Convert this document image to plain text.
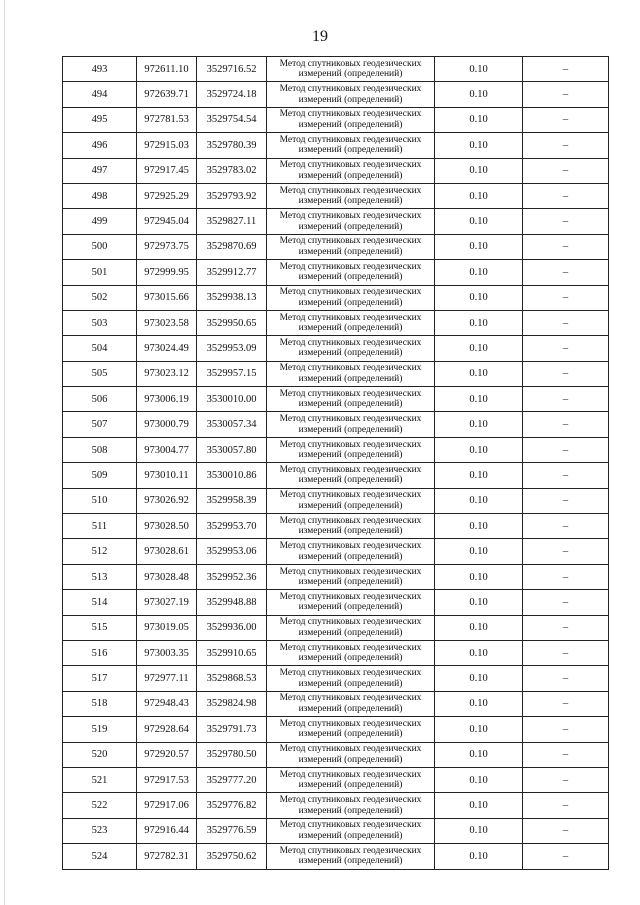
19
493	972611.10	3529716.52	Метод спутниковых геодезических
измерений (определений)	0.10	–
494	972639.71	3529724.18	Метод спутниковых геодезических
измерений (определений)	0.10	–
495	972781.53	3529754.54	Метод спутниковых геодезических
измерений (определений)	0.10	–
496	972915.03	3529780.39	Метод спутниковых геодезических
измерений (определений)	0.10	–
497	972917.45	3529783.02	Метод спутниковых геодезических
измерений (определений)	0.10	–
498	972925.29	3529793.92	Метод спутниковых геодезических
измерений (определений)	0.10	–
499	972945.04	3529827.11	Метод спутниковых геодезических
измерений (определений)	0.10	–
500	972973.75	3529870.69	Метод спутниковых геодезических
измерений (определений)	0.10	–
501	972999.95	3529912.77	Метод спутниковых геодезических
измерений (определений)	0.10	–
502	973015.66	3529938.13	Метод спутниковых геодезических
измерений (определений)	0.10	–
503	973023.58	3529950.65	Метод спутниковых геодезических
измерений (определений)	0.10	–
504	973024.49	3529953.09	Метод спутниковых геодезических
измерений (определений)	0.10	–
505	973023.12	3529957.15	Метод спутниковых геодезических
измерений (определений)	0.10	–
506	973006.19	3530010.00	Метод спутниковых геодезических
измерений (определений)	0.10	–
507	973000.79	3530057.34	Метод спутниковых геодезических
измерений (определений)	0.10	–
508	973004.77	3530057.80	Метод спутниковых геодезических
измерений (определений)	0.10	–
509	973010.11	3530010.86	Метод спутниковых геодезических
измерений (определений)	0.10	–
510	973026.92	3529958.39	Метод спутниковых геодезических
измерений (определений)	0.10	–
511	973028.50	3529953.70	Метод спутниковых геодезических
измерений (определений)	0.10	–
512	973028.61	3529953.06	Метод спутниковых геодезических
измерений (определений)	0.10	–
513	973028.48	3529952.36	Метод спутниковых геодезических
измерений (определений)	0.10	–
514	973027.19	3529948.88	Метод спутниковых геодезических
измерений (определений)	0.10	–
515	973019.05	3529936.00	Метод спутниковых геодезических
измерений (определений)	0.10	–
516	973003.35	3529910.65	Метод спутниковых геодезических
измерений (определений)	0.10	–
517	972977.11	3529868.53	Метод спутниковых геодезических
измерений (определений)	0.10	–
518	972948.43	3529824.98	Метод спутниковых геодезических
измерений (определений)	0.10	–
519	972928.64	3529791.73	Метод спутниковых геодезических
измерений (определений)	0.10	–
520	972920.57	3529780.50	Метод спутниковых геодезических
измерений (определений)	0.10	–
521	972917.53	3529777.20	Метод спутниковых геодезических
измерений (определений)	0.10	–
522	972917.06	3529776.82	Метод спутниковых геодезических
измерений (определений)	0.10	–
523	972916.44	3529776.59	Метод спутниковых геодезических
измерений (определений)	0.10	–
524	972782.31	3529750.62	Метод спутниковых геодезических
измерений (определений)	0.10	–
